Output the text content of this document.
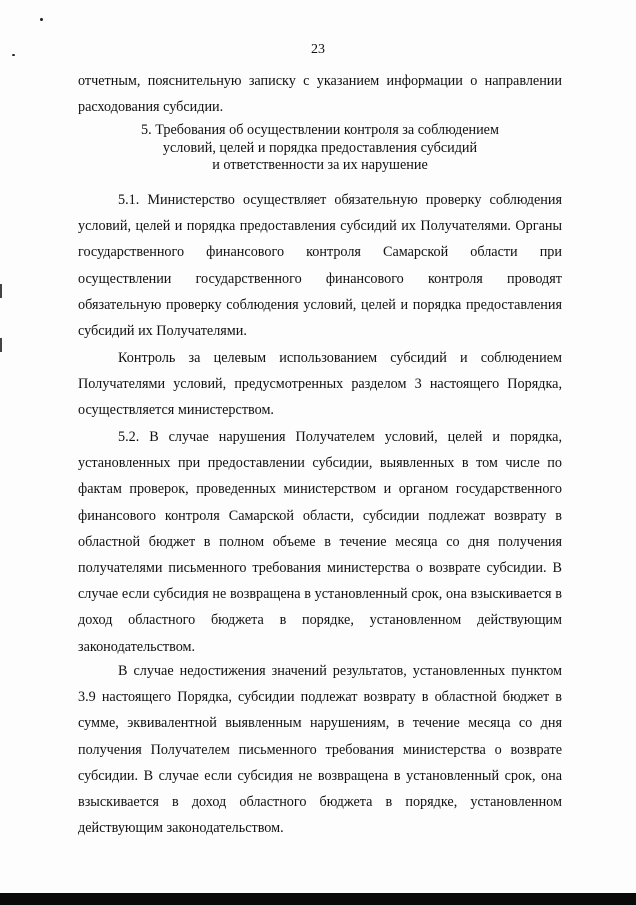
23
отчетным, пояснительную записку с указанием информации о направлении расходования субсидии.
5. Требования об осуществлении контроля за соблюдением
условий, целей и порядка предоставления субсидий
и ответственности за их нарушение
5.1. Министерство осуществляет обязательную проверку соблюдения условий, целей и порядка предоставления субсидий их Получателями. Органы государственного финансового контроля Самарской области при осуществлении государственного финансового контроля проводят обязательную проверку соблюдения условий, целей и порядка предоставления субсидий их Получателями.
Контроль за целевым использованием субсидий и соблюдением Получателями условий, предусмотренных разделом 3 настоящего Порядка, осуществляется министерством.
5.2. В случае нарушения Получателем условий, целей и порядка, установленных при предоставлении субсидии, выявленных в том числе по фактам проверок, проведенных министерством и органом государственного финансового контроля Самарской области, субсидии подлежат возврату в областной бюджет в полном объеме в течение месяца со дня получения получателями письменного требования министерства о возврате субсидии. В случае если субсидия не возвращена в установленный срок, она взыскивается в доход областного бюджета в порядке, установленном действующим законодательством.
В случае недостижения значений результатов, установленных пунктом 3.9 настоящего Порядка, субсидии подлежат возврату в областной бюджет в сумме, эквивалентной выявленным нарушениям, в течение месяца со дня получения Получателем письменного требования министерства о возврате субсидии. В случае если субсидия не возвращена в установленный срок, она взыскивается в доход областного бюджета в порядке, установленном действующим законодательством.
